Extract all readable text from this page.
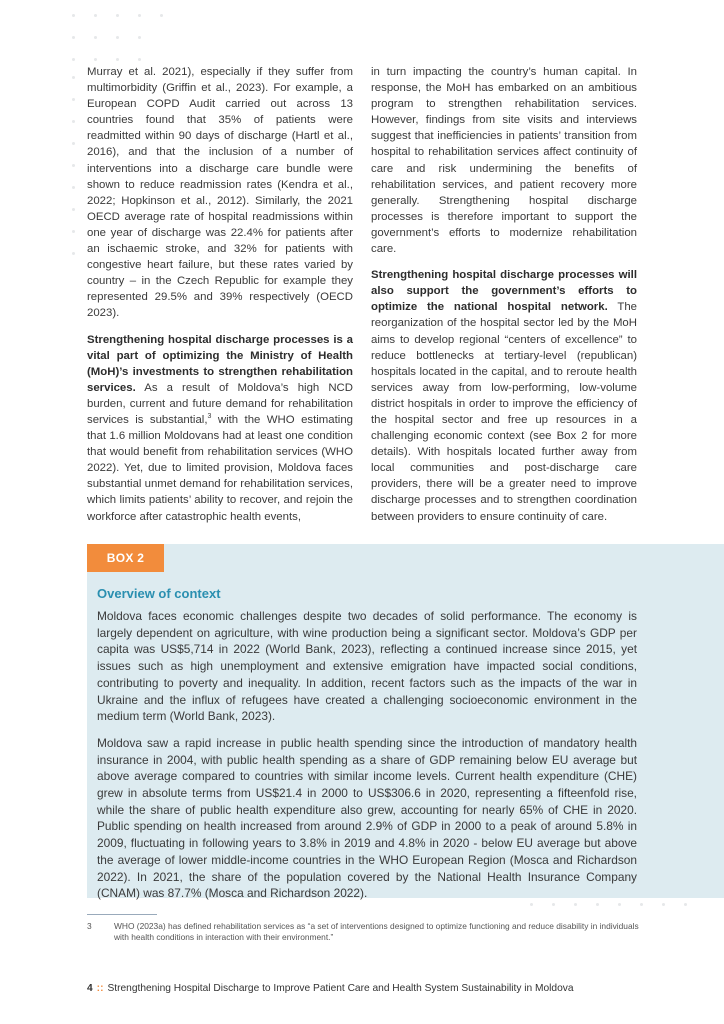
Murray et al. 2021), especially if they suffer from multimorbidity (Griffin et al., 2023). For example, a European COPD Audit carried out across 13 countries found that 35% of patients were readmitted within 90 days of discharge (Hartl et al., 2016), and that the inclusion of a number of interventions into a discharge care bundle were shown to reduce readmission rates (Kendra et al., 2022; Hopkinson et al., 2012). Similarly, the 2021 OECD average rate of hospital readmissions within one year of discharge was 22.4% for patients after an ischaemic stroke, and 32% for patients with congestive heart failure, but these rates varied by country – in the Czech Republic for example they represented 29.5% and 39% respectively (OECD 2023).

Strengthening hospital discharge processes is a vital part of optimizing the Ministry of Health (MoH)’s investments to strengthen rehabilitation services. As a result of Moldova’s high NCD burden, current and future demand for rehabilitation services is substantial,$^3$ with the WHO estimating that 1.6 million Moldovans had at least one condition that would benefit from rehabilitation services (WHO 2022). Yet, due to limited provision, Moldova faces substantial unmet demand for rehabilitation services, which limits patients’ ability to recover, and rejoin the workforce after catastrophic health events,

in turn impacting the country’s human capital. In response, the MoH has embarked on an ambitious program to strengthen rehabilitation services. However, findings from site visits and interviews suggest that inefficiencies in patients’ transition from hospital to rehabilitation services affect continuity of care and risk undermining the benefits of rehabilitation services, and patient recovery more generally. Strengthening hospital discharge processes is therefore important to support the government’s efforts to modernize rehabilitation care.

Strengthening hospital discharge processes will also support the government’s efforts to optimize the national hospital network. The reorganization of the hospital sector led by the MoH aims to develop regional “centers of excellence” to reduce bottlenecks at tertiary-level (republican) hospitals located in the capital, and to reroute health services away from low-performing, low-volume district hospitals in order to improve the efficiency of the hospital sector and free up resources in a challenging economic context (see Box 2 for more details). With hospitals located further away from local communities and post-discharge care providers, there will be a greater need to improve discharge processes and to strengthen coordination between providers to ensure continuity of care.

BOX 2
Overview of context

Moldova faces economic challenges despite two decades of solid performance. The economy is largely dependent on agriculture, with wine production being a significant sector. Moldova’s GDP per capita was US$5,714 in 2022 (World Bank, 2023), reflecting a continued increase since 2015, yet issues such as high unemployment and extensive emigration have impacted social conditions, contributing to poverty and inequality. In addition, recent factors such as the impacts of the war in Ukraine and the influx of refugees have created a challenging socioeconomic environment in the medium term (World Bank, 2023).

Moldova saw a rapid increase in public health spending since the introduction of mandatory health insurance in 2004, with public health spending as a share of GDP remaining below EU average but above average compared to countries with similar income levels. Current health expenditure (CHE) grew in absolute terms from US$21.4 in 2000 to US$306.6 in 2020, representing a fifteenfold rise, while the share of public health expenditure also grew, accounting for nearly 65% of CHE in 2020. Public spending on health increased from around 2.9% of GDP in 2000 to a peak of around 5.8% in 2009, fluctuating in following years to 3.8% in 2019 and 4.8% in 2020 - below EU average but above the average of lower middle-income countries in the WHO European Region (Mosca and Richardson 2022). In 2021, the share of the population covered by the National Health Insurance Company (CNAM) was 87.7% (Mosca and Richardson 2022).

3	WHO (2023a) has defined rehabilitation services as “a set of interventions designed to optimize functioning and reduce disability in individuals with health conditions in interaction with their environment.”
4 :: Strengthening Hospital Discharge to Improve Patient Care and Health System Sustainability in Moldova
